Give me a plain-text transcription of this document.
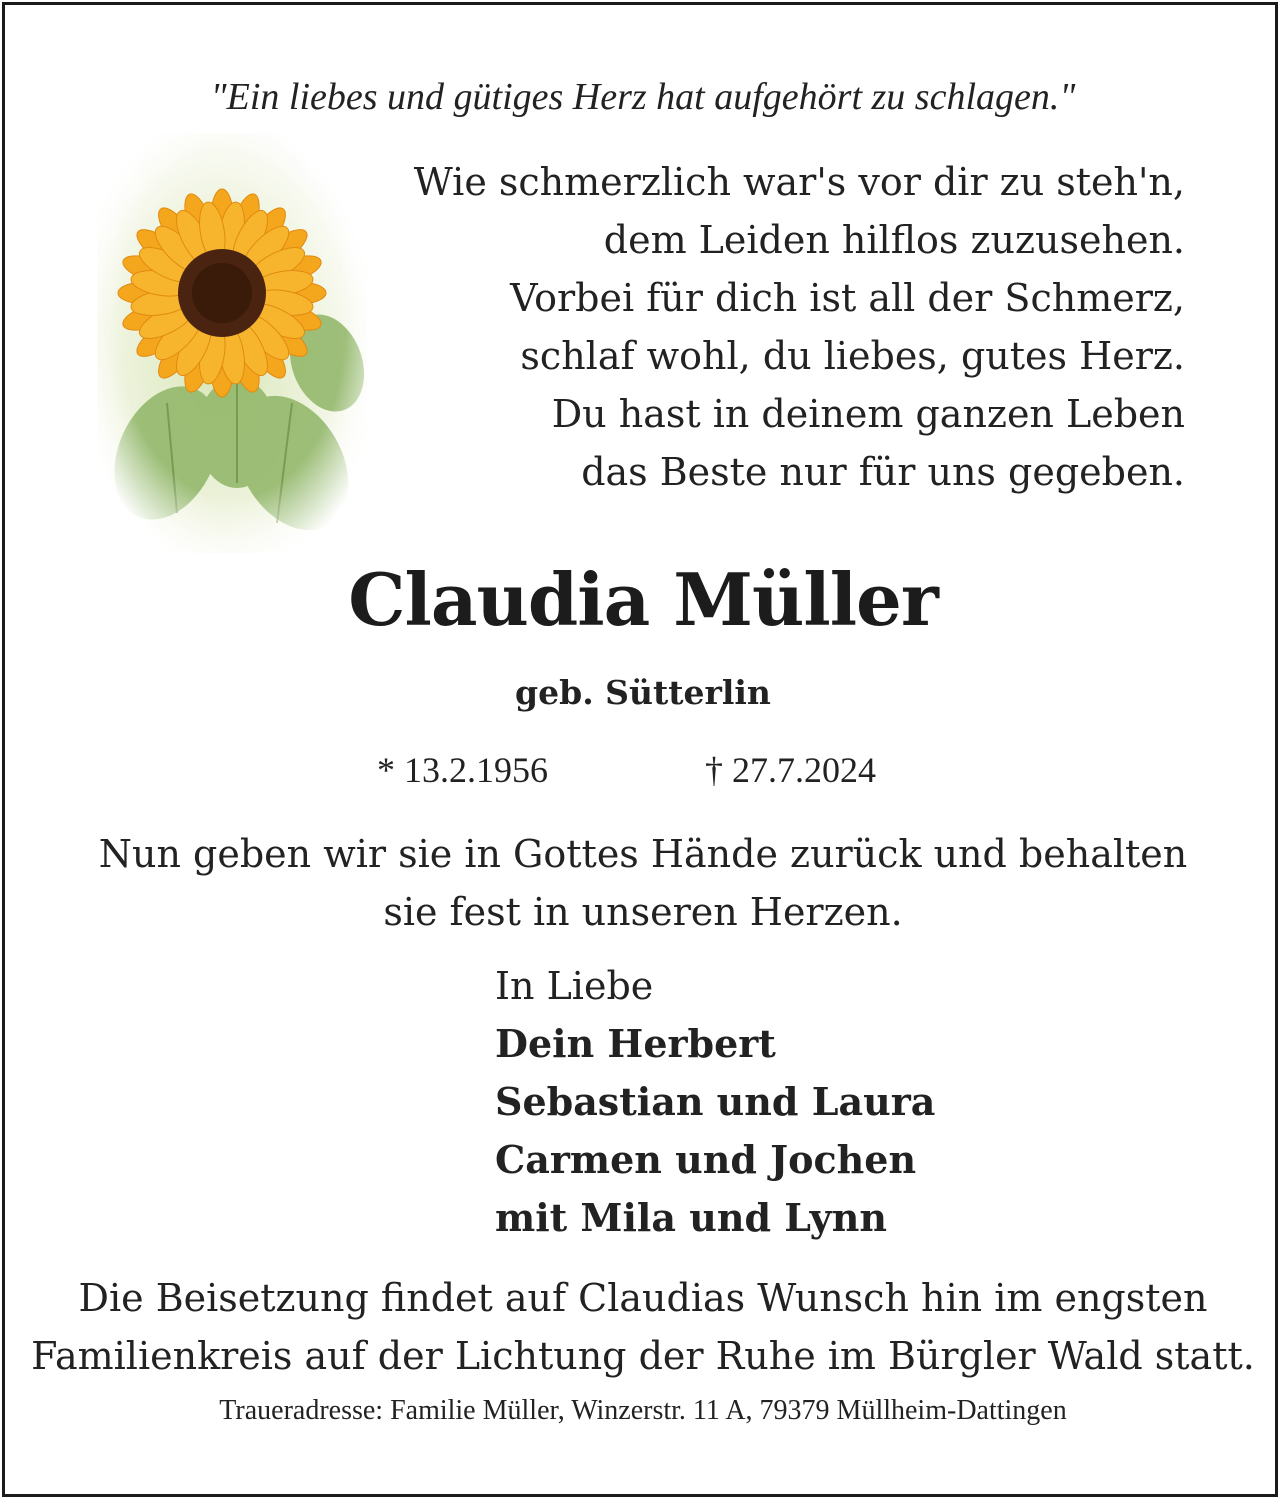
"Ein liebes und gütiges Herz hat aufgehört zu schlagen."
Wie schmerzlich war's vor dir zu steh'n,
dem Leiden hilflos zuzusehen.
Vorbei für dich ist all der Schmerz,
schlaf wohl, du liebes, gutes Herz.
Du hast in deinem ganzen Leben
das Beste nur für uns gegeben.
Claudia Müller
geb. Sütterlin
* 13.2.1956	† 27.7.2024
Nun geben wir sie in Gottes Hände zurück und behalten
sie fest in unseren Herzen.
In Liebe
Dein Herbert
Sebastian und Laura
Carmen und Jochen
mit Mila und Lynn
Die Beisetzung findet auf Claudias Wunsch hin im engsten
Familienkreis auf der Lichtung der Ruhe im Bürgler Wald statt.
Traueradresse: Familie Müller, Winzerstr. 11 A, 79379 Müllheim-Dattingen
